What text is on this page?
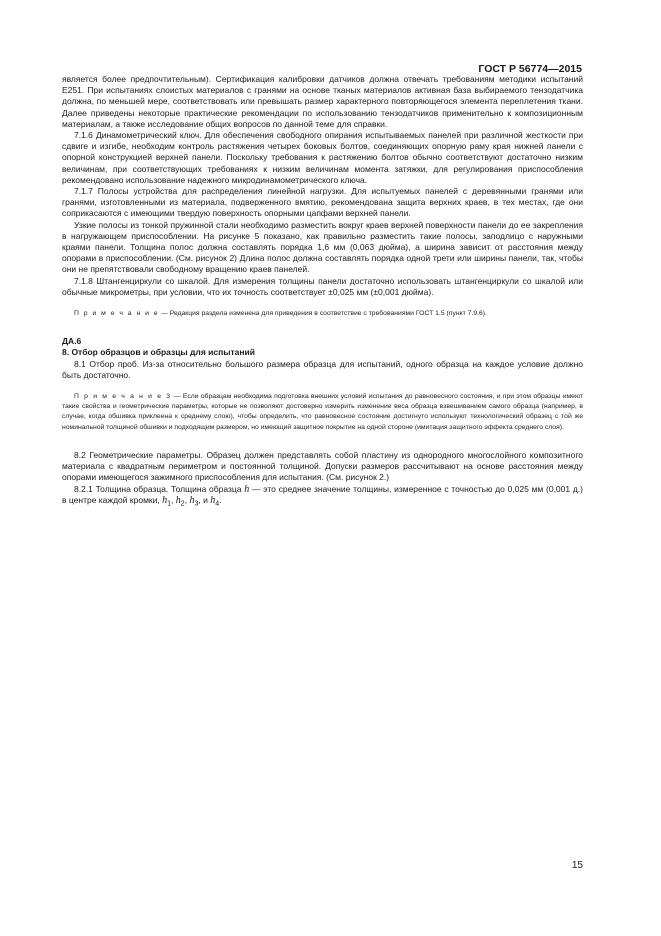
ГОСТ Р 56774—2015

является более предпочтительным). Сертификация калибровки датчиков должна отвечать требованиям методики испытаний Е251. При испытаниях слоистых материалов с гранями на основе тканых материалов активная база выбираемого тензодатчика должна, по меньшей мере, соответствовать или превышать размер характерного повторяющегося элемента переплетения ткани. Далее приведены некоторые практические рекомендации по использованию тензодатчиков применительно к композиционным материалам, а также исследование общих вопросов по данной теме для справки.

7.1.6 Динамометрический ключ. Для обеспечения свободного опирания испытываемых панелей при различной жесткости при сдвиге и изгибе, необходим контроль растяжения четырех боковых болтов, соединяющих опорную раму края нижней панели с опорной конструкцией верхней панели. Поскольку требования к растяжению болтов обычно соответствуют достаточно низким величинам, при соответствующих требованиях к низким величинам момента затяжки, для регулирования приспособления рекомендовано использование надежного микродинамометрического ключа.

7.1.7 Полосы устройства для распределения линейной нагрузки. Для испытуемых панелей с деревянными гранями или гранями, изготовленными из материала, подверженного вмятию, рекомендована защита верхних краев, в тех местах, где они соприкасаются с имеющими твердую поверхность опорными цапфами верхней панели.

Узкие полосы из тонкой пружинной стали необходимо разместить вокруг краев верхней поверхности панели до ее закрепления в нагружающем приспособлении. На рисунке 5 показано, как правильно разместить такие полосы, заподлицо с наружными краями панели. Толщина полос должна составлять порядка 1,6 мм (0,063 дюйма), а ширина зависит от расстояния между опорами в приспособлении. (См. рисунок 2) Длина полос должна составлять порядка одной трети или ширины панели, так, чтобы они не препятствовали свободному вращению краев панелей.

7.1.8 Штангенциркули со шкалой. Для измерения толщины панели достаточно использовать штангенциркули со шкалой или обычные микрометры, при условии, что их точность соответствует ±0,025 мм (±0,001 дюйма).

П р и м е ч а н и е — Редакция раздела изменена для приведения в соответствие с требованиями ГОСТ 1.5 (пункт 7.9.6).

ДА.6

8. Отбор образцов и образцы для испытаний

8.1 Отбор проб. Из-за относительно большого размера образца для испытаний, одного образца на каждое условие должно быть достаточно.

П р и м е ч а н и е 3 — Если образцам необходима подготовка внешних условий испытания до равновесного состояния, и при этом образцы имеют такие свойства и геометрические параметры, которые не позволяют достоверно измерить изменение веса образца взвешиванием самого образца (например, в случае, когда обшивка приклеена к среднему слою), чтобы определить, что равновесное состояние достигнуто используют технологический образец с той же номинальной толщиной обшивки и подходящим размером, но имеющий защитное покрытие на одной стороне (имитация защитного эффекта среднего слоя).

8.2 Геометрические параметры. Образец должен представлять собой пластину из однородного многослойного композитного материала с квадратным периметром и постоянной толщиной. Допуски размеров рассчитывают на основе расстояния между опорами имеющегося зажимного приспособления для испытания. (См. рисунок 2.)

8.2.1 Толщина образца. Толщина образца h — это среднее значение толщины, измеренное с точностью до 0,025 мм (0,001 д.) в центре каждой кромки, $h_1$, $h_2$, $h_3$, и $h_4$.

15
